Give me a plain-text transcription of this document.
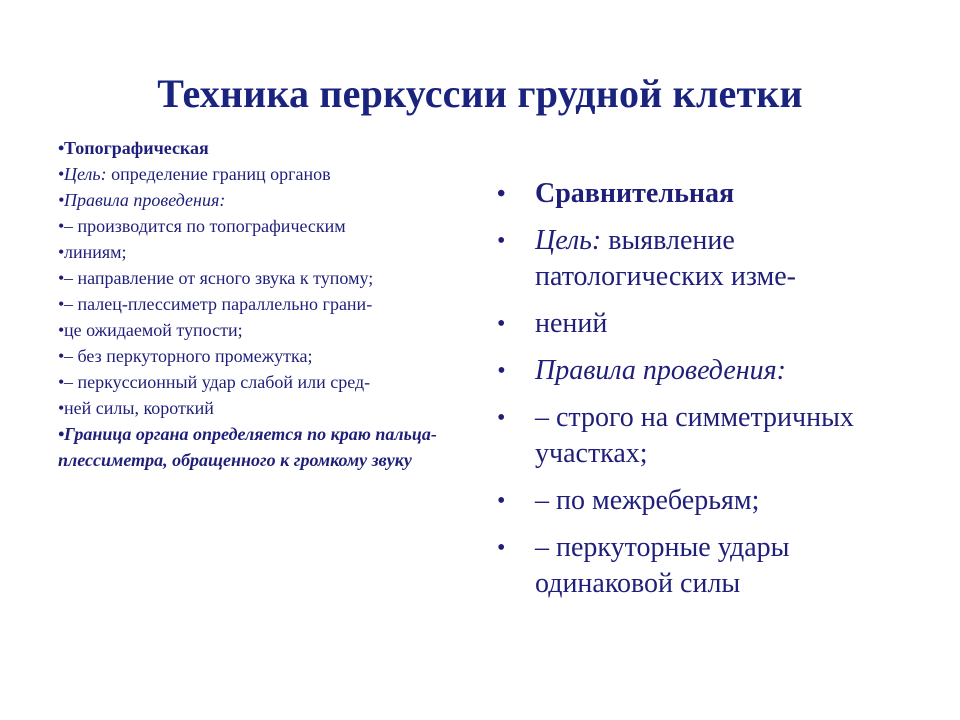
Техника перкуссии грудной клетки
•Топографическая
•Цель: определение границ органов
•Правила проведения:
•– производится по топографическим
•линиям;
•– направление от ясного звука к тупому;
•– палец-плессиметр параллельно грани-
•це ожидаемой тупости;
•– без перкуторного промежутка;
•– перкуссионный удар слабой или сред-
•ней силы, короткий
•Граница органа определяется по краю пальца-плессиметра, обращенного к громкому звуку
• Сравнительная
• Цель: выявление патологических изме-
• нений
• Правила проведения:
• – строго на симметричных участках;
• – по межреберьям;
• – перкуторные удары одинаковой силы
